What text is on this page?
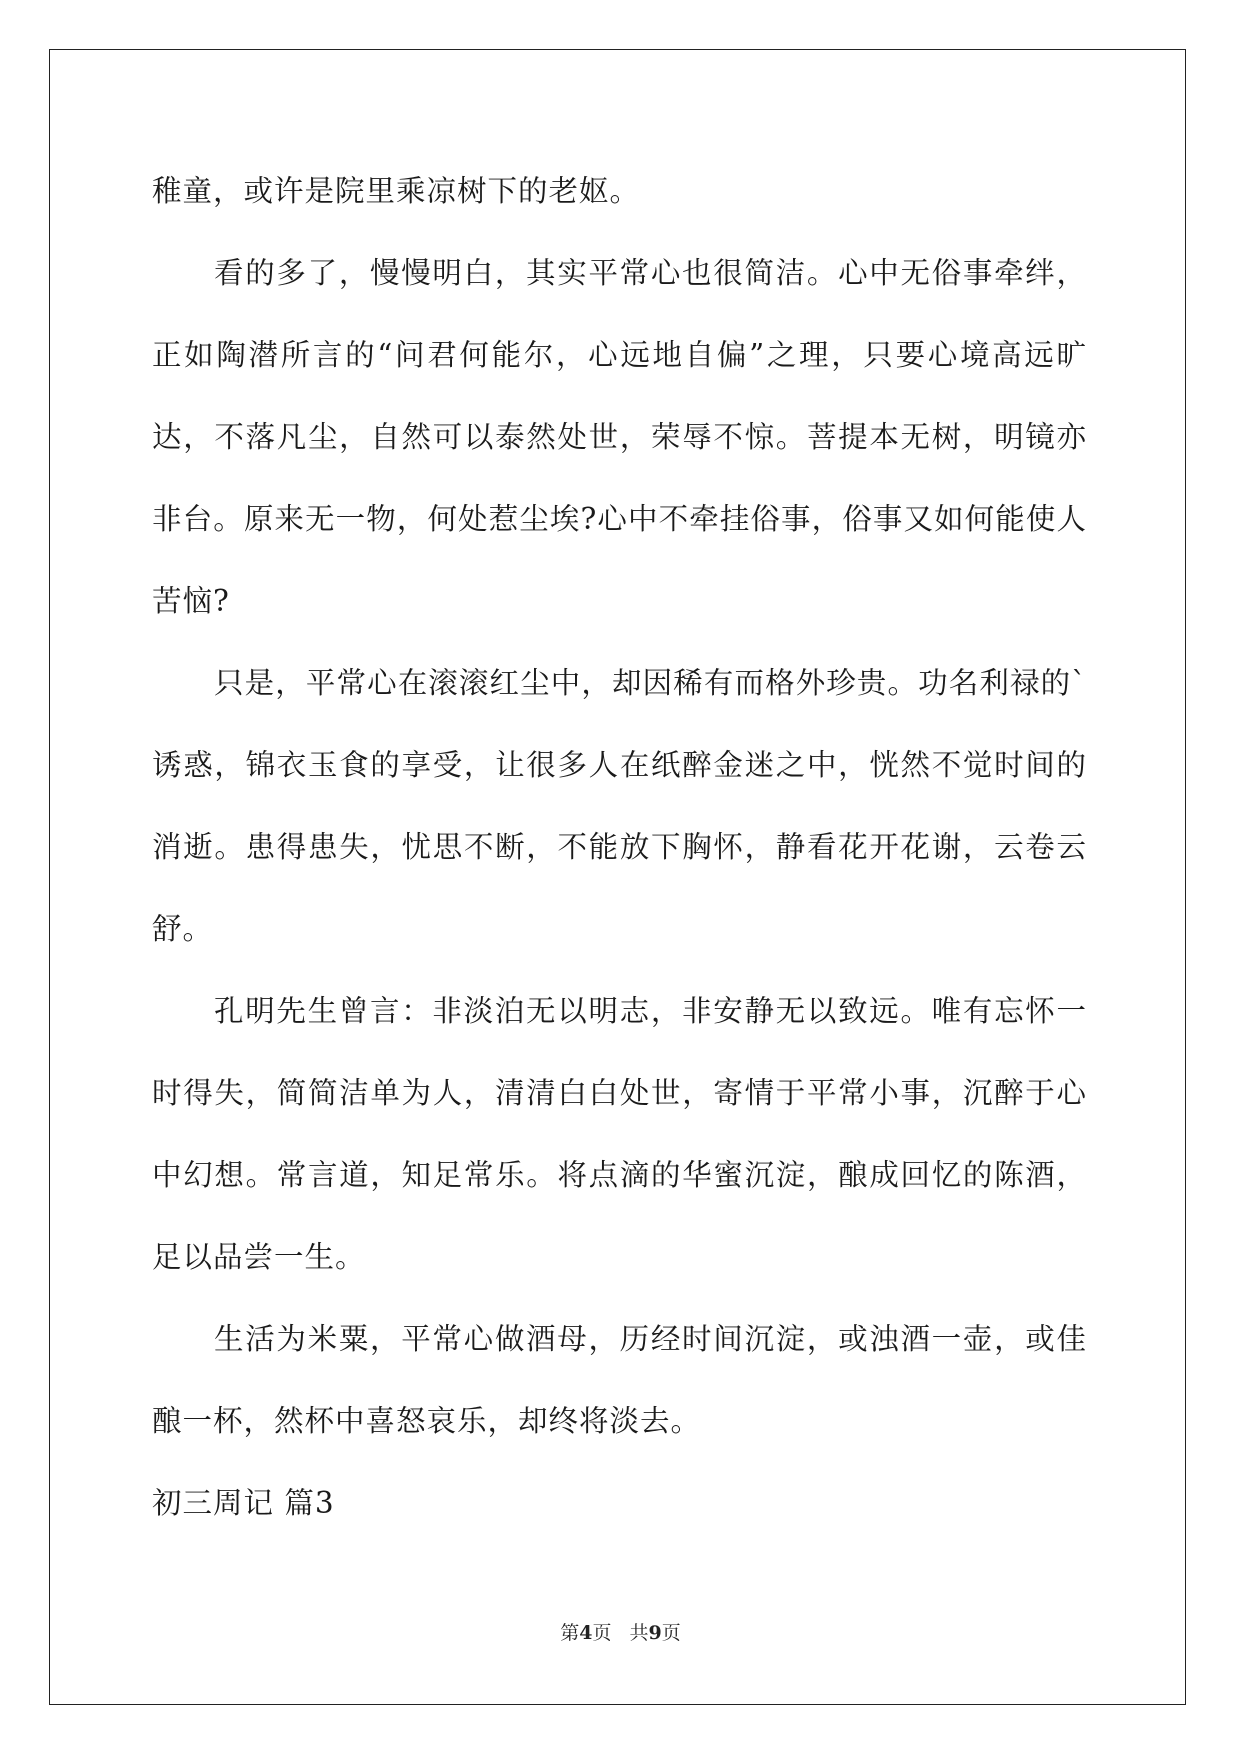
稚童，或许是院里乘凉树下的老妪。

看的多了，慢慢明白，其实平常心也很简洁。心中无俗事牵绊，正如陶潜所言的“问君何能尔，心远地自偏”之理，只要心境高远旷达，不落凡尘，自然可以泰然处世，荣辱不惊。菩提本无树，明镜亦非台。原来无一物，何处惹尘埃?心中不牵挂俗事，俗事又如何能使人苦恼?

只是，平常心在滚滚红尘中，却因稀有而格外珍贵。功名利禄的`诱惑，锦衣玉食的享受，让很多人在纸醉金迷之中，恍然不觉时间的消逝。患得患失，忧思不断，不能放下胸怀，静看花开花谢，云卷云舒。

孔明先生曾言：非淡泊无以明志，非安静无以致远。唯有忘怀一时得失，简简洁单为人，清清白白处世，寄情于平常小事，沉醉于心中幻想。常言道，知足常乐。将点滴的华蜜沉淀，酿成回忆的陈酒，足以品尝一生。

生活为米粟，平常心做酒母，历经时间沉淀，或浊酒一壶，或佳酿一杯，然杯中喜怒哀乐，却终将淡去。

初三周记 篇3

第4页 共9页
